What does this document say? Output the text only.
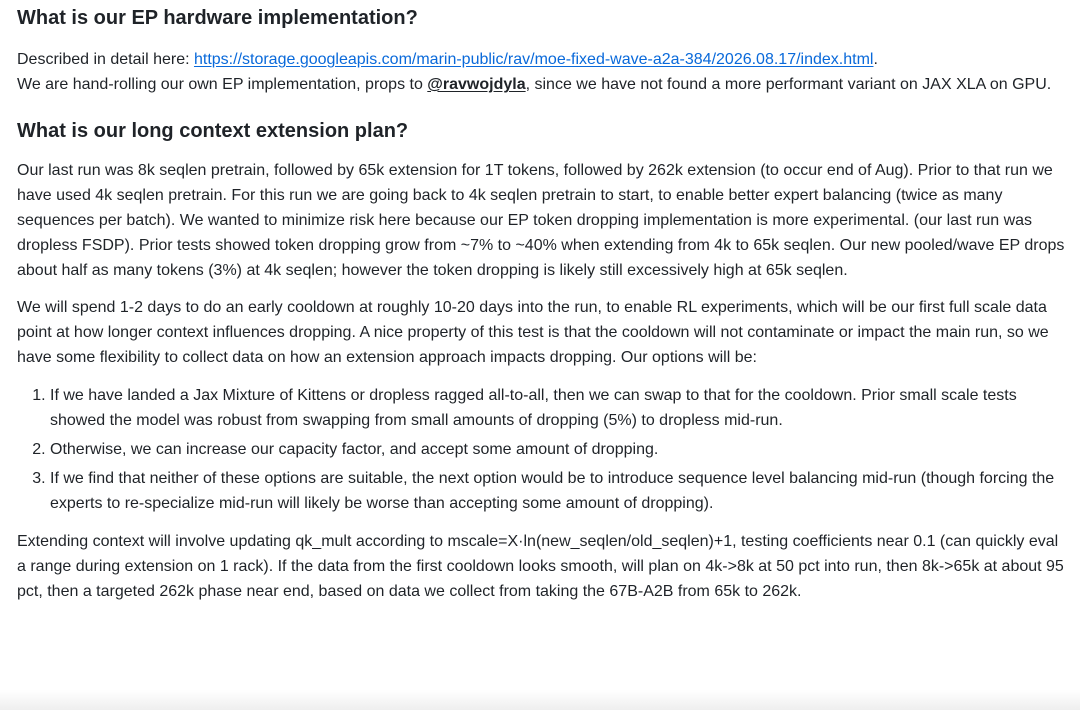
What is our EP hardware implementation?

Described in detail here: https://storage.googleapis.com/marin-public/rav/moe-fixed-wave-a2a-384/2026.08.17/index.html.
We are hand-rolling our own EP implementation, props to @ravwojdyla, since we have not found a more performant variant on JAX XLA on GPU.

What is our long context extension plan?

Our last run was 8k seqlen pretrain, followed by 65k extension for 1T tokens, followed by 262k extension (to occur end of Aug). Prior to that run we have used 4k seqlen pretrain. For this run we are going back to 4k seqlen pretrain to start, to enable better expert balancing (twice as many sequences per batch). We wanted to minimize risk here because our EP token dropping implementation is more experimental. (our last run was dropless FSDP). Prior tests showed token dropping grow from ~7% to ~40% when extending from 4k to 65k seqlen. Our new pooled/wave EP drops about half as many tokens (3%) at 4k seqlen; however the token dropping is likely still excessively high at 65k seqlen.

We will spend 1-2 days to do an early cooldown at roughly 10-20 days into the run, to enable RL experiments, which will be our first full scale data point at how longer context influences dropping. A nice property of this test is that the cooldown will not contaminate or impact the main run, so we have some flexibility to collect data on how an extension approach impacts dropping. Our options will be:

1. If we have landed a Jax Mixture of Kittens or dropless ragged all-to-all, then we can swap to that for the cooldown. Prior small scale tests showed the model was robust from swapping from small amounts of dropping (5%) to dropless mid-run.
2. Otherwise, we can increase our capacity factor, and accept some amount of dropping.
3. If we find that neither of these options are suitable, the next option would be to introduce sequence level balancing mid-run (though forcing the experts to re-specialize mid-run will likely be worse than accepting some amount of dropping).

Extending context will involve updating qk_mult according to mscale=X·ln(new_seqlen/old_seqlen)+1, testing coefficients near 0.1 (can quickly eval a range during extension on 1 rack). If the data from the first cooldown looks smooth, will plan on 4k->8k at 50 pct into run, then 8k->65k at about 95 pct, then a targeted 262k phase near end, based on data we collect from taking the 67B-A2B from 65k to 262k.
